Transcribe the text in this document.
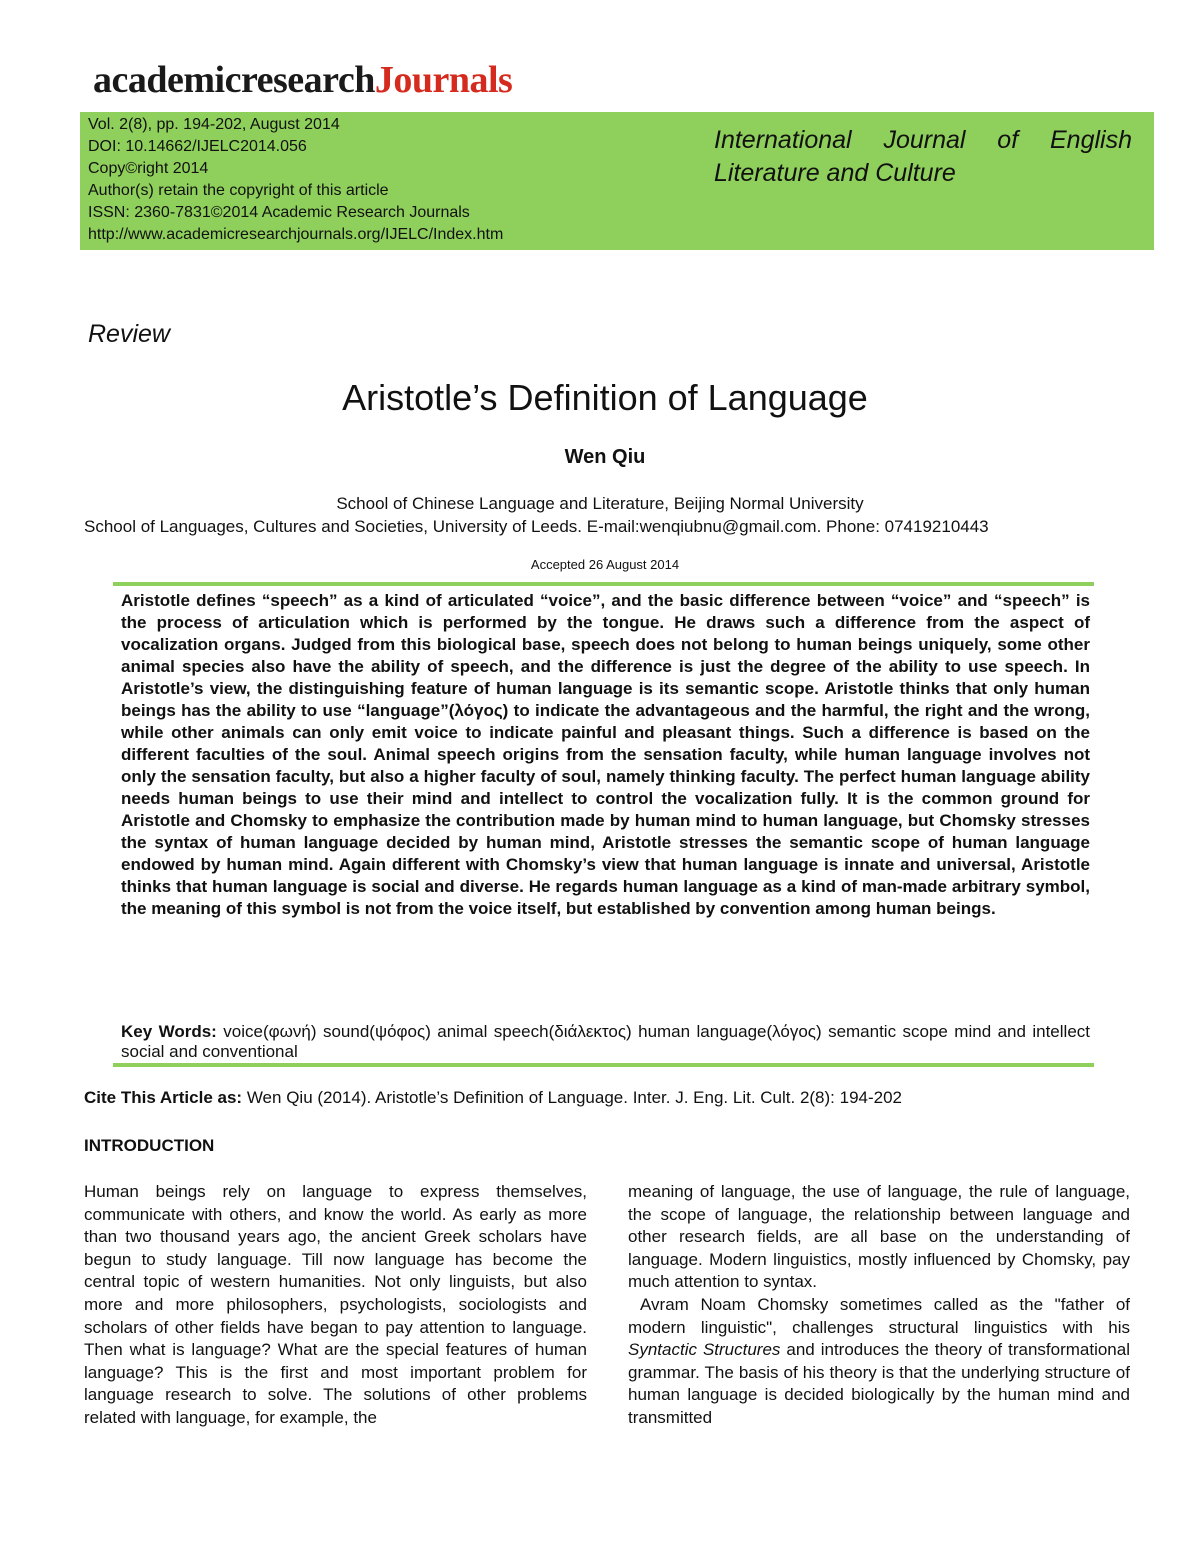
academicresearchJournals
Vol. 2(8), pp. 194-202, August 2014
DOI: 10.14662/IJELC2014.056
Copy©right 2014
Author(s) retain the copyright of this article
ISSN: 2360-7831©2014 Academic Research Journals
http://www.academicresearchjournals.org/IJELC/Index.htm
International Journal of English Literature and Culture
Review
Aristotle’s Definition of Language
Wen Qiu
School of Chinese Language and Literature, Beijing Normal University
School of Languages, Cultures and Societies, University of Leeds. E-mail:wenqiubnu@gmail.com. Phone: 07419210443
Accepted 26 August 2014
Aristotle defines “speech” as a kind of articulated “voice”, and the basic difference between “voice” and “speech” is the process of articulation which is performed by the tongue. He draws such a difference from the aspect of vocalization organs. Judged from this biological base, speech does not belong to human beings uniquely, some other animal species also have the ability of speech, and the difference is just the degree of the ability to use speech. In Aristotle’s view, the distinguishing feature of human language is its semantic scope. Aristotle thinks that only human beings has the ability to use “language”(λόγος) to indicate the advantageous and the harmful, the right and the wrong, while other animals can only emit voice to indicate painful and pleasant things. Such a difference is based on the different faculties of the soul. Animal speech origins from the sensation faculty, while human language involves not only the sensation faculty, but also a higher faculty of soul, namely thinking faculty. The perfect human language ability needs human beings to use their mind and intellect to control the vocalization fully. It is the common ground for Aristotle and Chomsky to emphasize the contribution made by human mind to human language, but Chomsky stresses the syntax of human language decided by human mind, Aristotle stresses the semantic scope of human language endowed by human mind. Again different with Chomsky’s view that human language is innate and universal, Aristotle thinks that human language is social and diverse. He regards human language as a kind of man-made arbitrary symbol, the meaning of this symbol is not from the voice itself, but established by convention among human beings.
Key Words: voice(φωνή) sound(ψόφος) animal speech(διάλεκτος) human language(λόγος) semantic scope mind and intellect social and conventional
Cite This Article as: Wen Qiu (2014). Aristotle’s Definition of Language. Inter. J. Eng. Lit. Cult. 2(8): 194-202
INTRODUCTION
Human beings rely on language to express themselves, communicate with others, and know the world. As early as more than two thousand years ago, the ancient Greek scholars have begun to study language. Till now language has become the central topic of western humanities. Not only linguists, but also more and more philosophers, psychologists, sociologists and scholars of other fields have began to pay attention to language. Then what is language? What are the special features of human language? This is the first and most important problem for language research to solve. The solutions of other problems related with language, for example, the

meaning of language, the use of language, the rule of language, the scope of language, the relationship between language and other research fields, are all base on the understanding of language. Modern linguistics, mostly influenced by Chomsky, pay much attention to syntax.

Avram Noam Chomsky sometimes called as the "father of modern linguistic", challenges structural linguistics with his Syntactic Structures and introduces the theory of transformational grammar. The basis of his theory is that the underlying structure of human language is decided biologically by the human mind and transmitted
